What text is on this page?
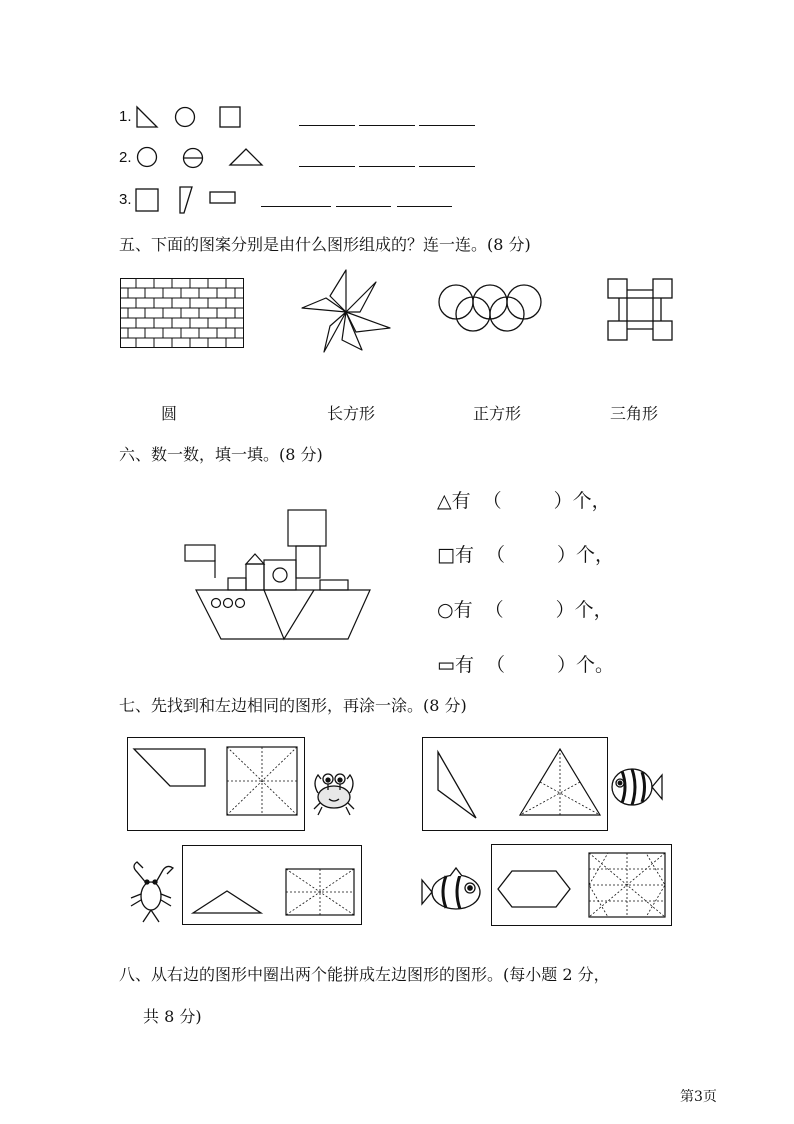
1.
2.
3.
五、下面的图案分别是由什么图形组成的？连一连。(8 分)
圆	长方形	正方形	三角形
六、数一数，填一填。(8 分)
△有 （	）个，
□有 （	）个，
○有 （	）个，
▭有 （	）个。
七、先找到和左边相同的图形，再涂一涂。(8 分)
八、从右边的图形中圈出两个能拼成左边图形的图形。(每小题 2 分，
共 8 分)
第3页
